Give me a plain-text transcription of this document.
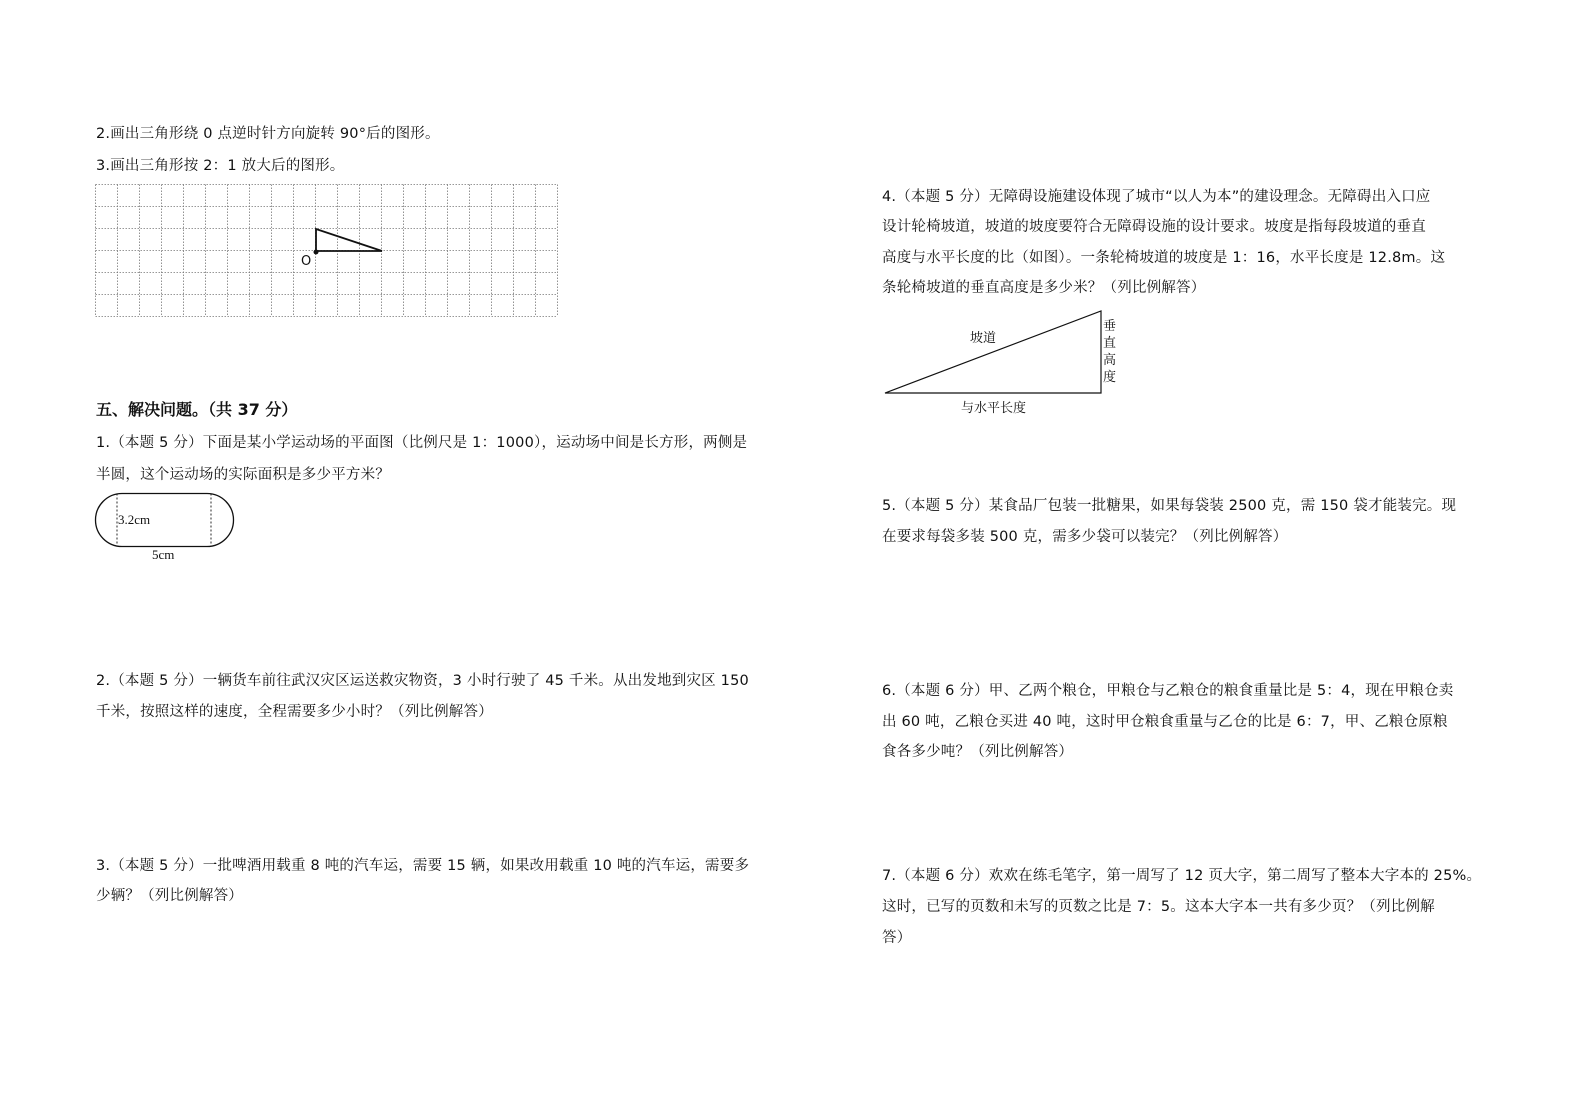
2.画出三角形绕 0 点逆时针方向旋转 90°后的图形。
3.画出三角形按 2：1 放大后的图形。
O
五、解决问题。（共 37 分）
1.（本题 5 分）下面是某小学运动场的平面图（比例尺是 1：1000），运动场中间是长方形，两侧是
半圆，这个运动场的实际面积是多少平方米？
3.2cm
5cm
2.（本题 5 分）一辆货车前往武汉灾区运送救灾物资，3 小时行驶了 45 千米。从出发地到灾区 150
千米，按照这样的速度，全程需要多少小时？（列比例解答）
3.（本题 5 分）一批啤酒用载重 8 吨的汽车运，需要 15 辆，如果改用载重 10 吨的汽车运，需要多
少辆？（列比例解答）
4.（本题 5 分）无障碍设施建设体现了城市“以人为本”的建设理念。无障碍出入口应
设计轮椅坡道，坡道的坡度要符合无障碍设施的设计要求。坡度是指每段坡道的垂直
高度与水平长度的比（如图）。一条轮椅坡道的坡度是 1：16，水平长度是 12.8m。这
条轮椅坡道的垂直高度是多少米？（列比例解答）
坡道
垂
直
高
度
与水平长度
5.（本题 5 分）某食品厂包装一批糖果，如果每袋装 2500 克，需 150 袋才能装完。现
在要求每袋多装 500 克，需多少袋可以装完？（列比例解答）
6.（本题 6 分）甲、乙两个粮仓，甲粮仓与乙粮仓的粮食重量比是 5：4，现在甲粮仓卖
出 60 吨，乙粮仓买进 40 吨，这时甲仓粮食重量与乙仓的比是 6：7，甲、乙粮仓原粮
食各多少吨？（列比例解答）
7.（本题 6 分）欢欢在练毛笔字，第一周写了 12 页大字，第二周写了整本大字本的 25%。
这时，已写的页数和未写的页数之比是 7：5。这本大字本一共有多少页？（列比例解
答）
